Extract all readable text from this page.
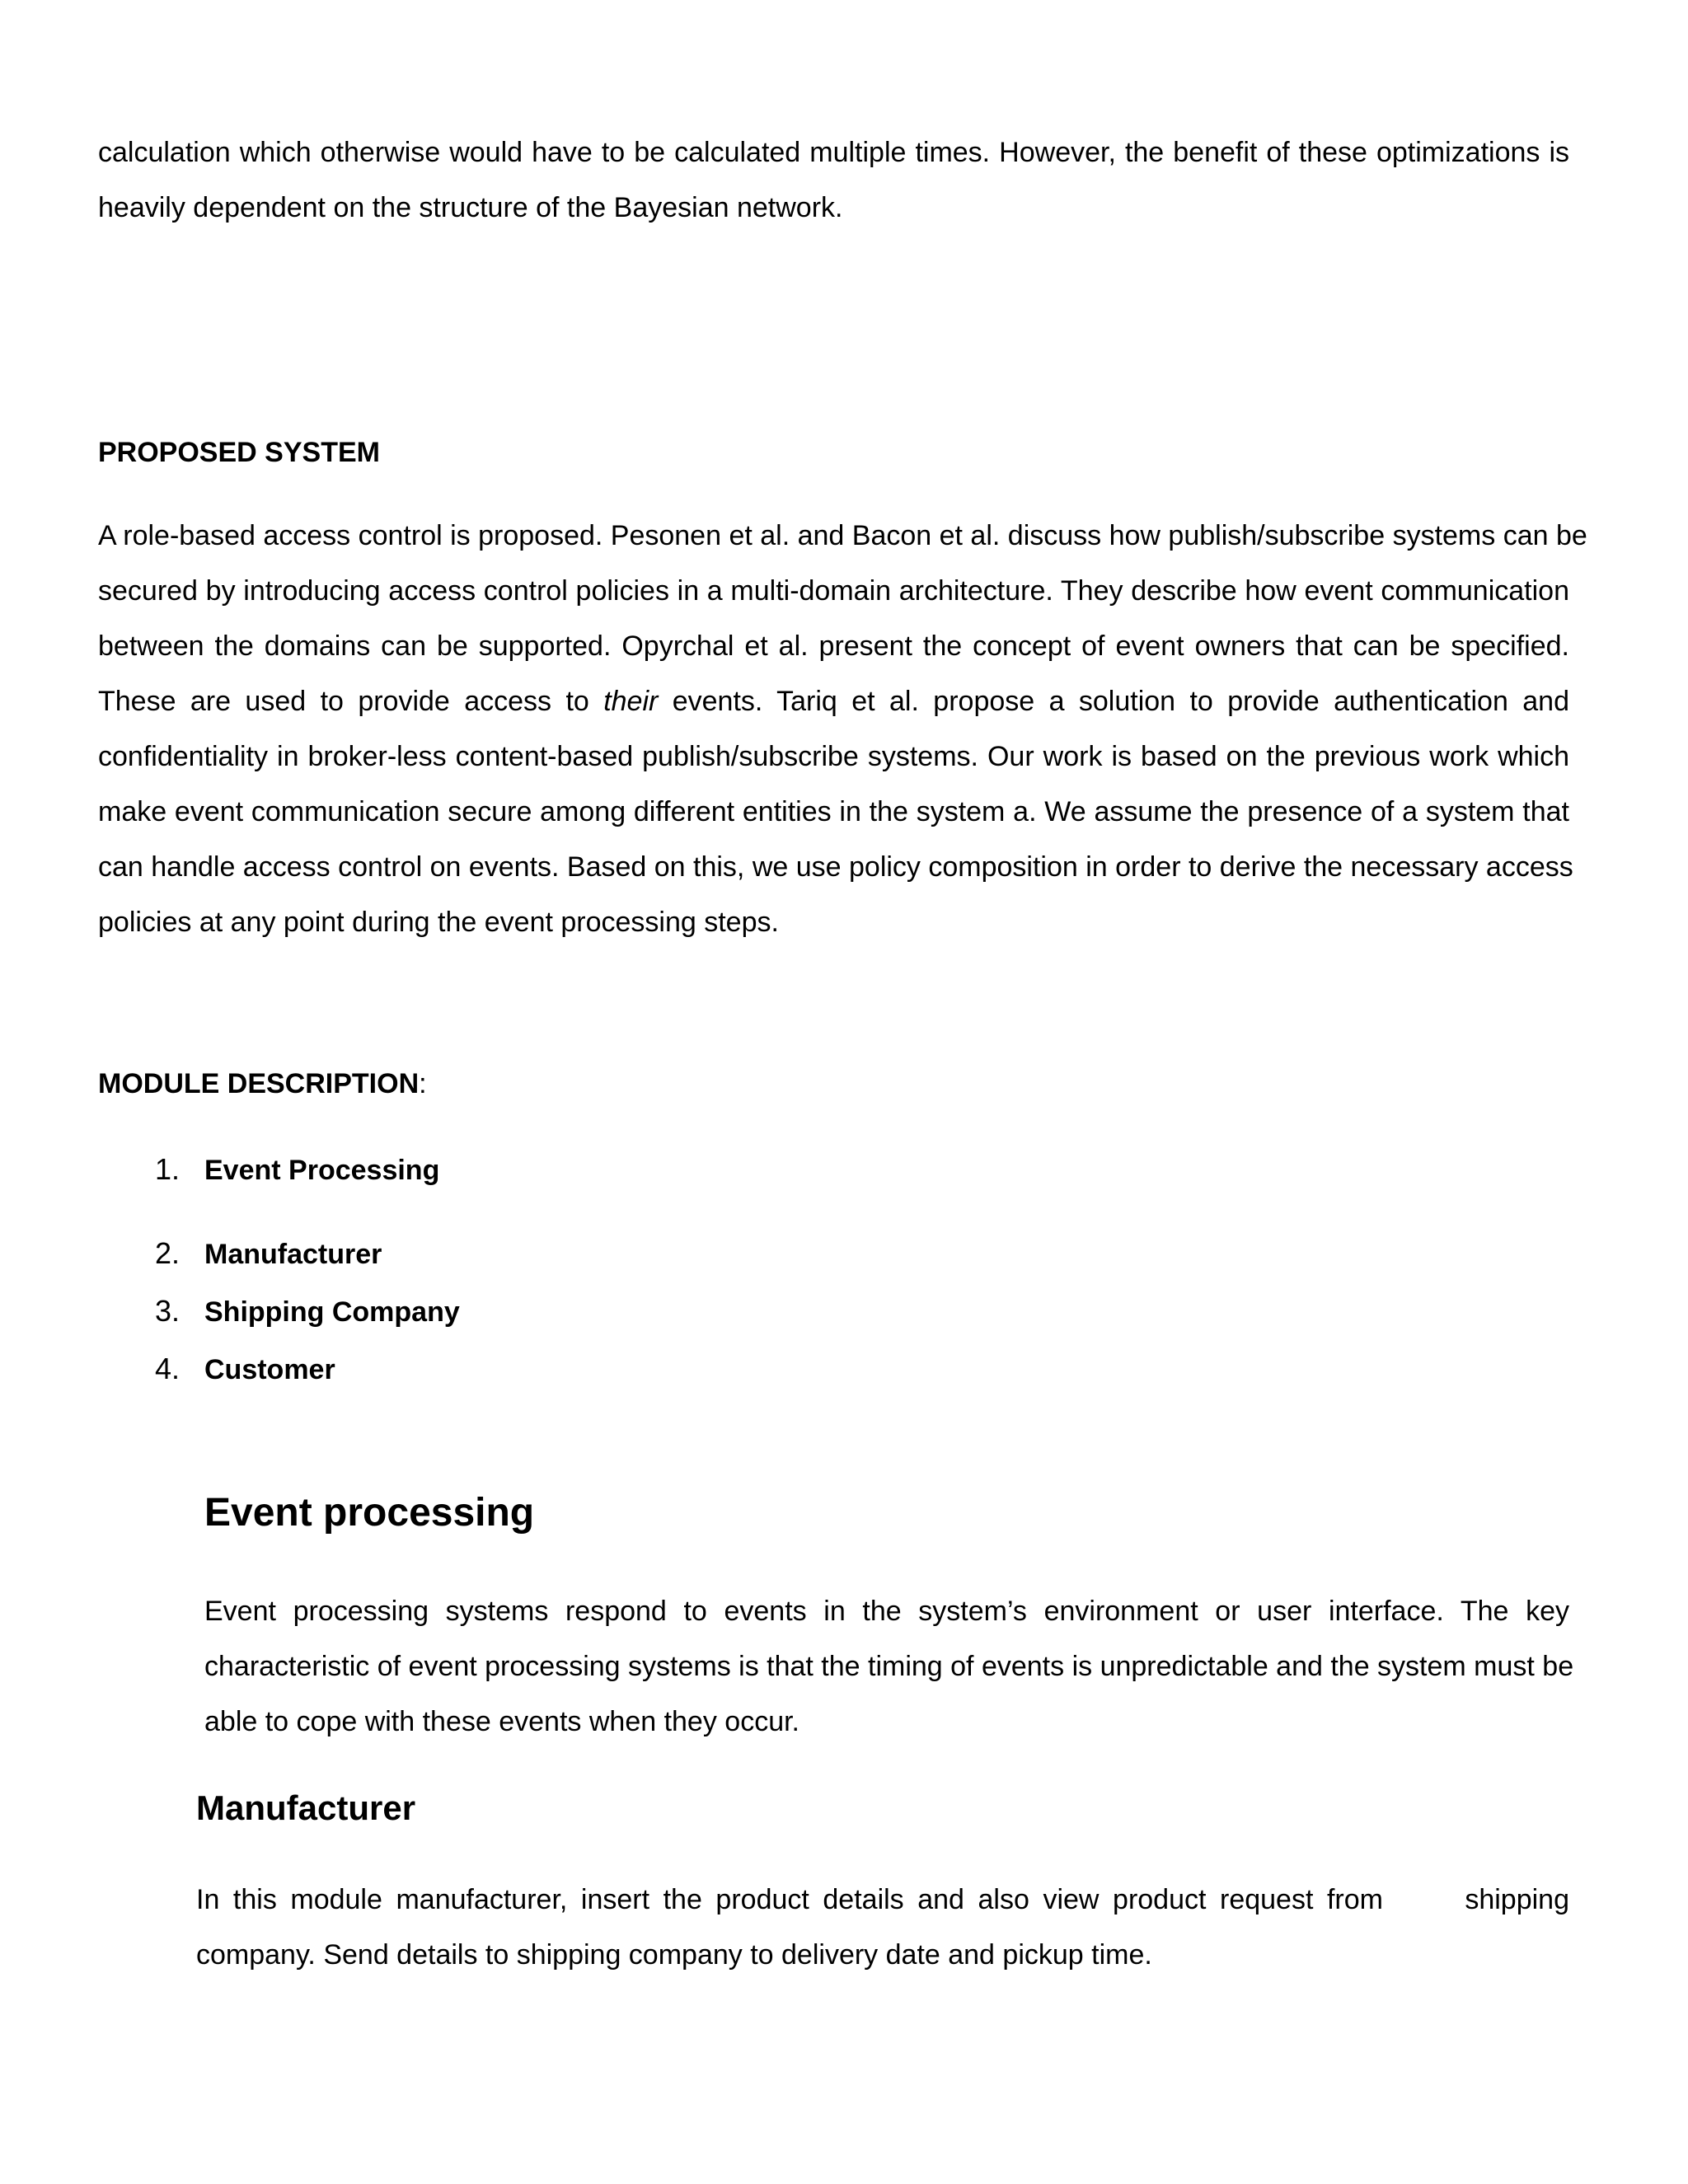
calculation which otherwise would have to be calculated multiple times. However, the benefit of these optimizations is
heavily dependent on the structure of the Bayesian network.
PROPOSED SYSTEM
A role-based access control is proposed. Pesonen et al. and Bacon et al. discuss how publish/subscribe systems can be
secured by introducing access control policies in a multi-domain architecture. They describe how event communication
between the domains can be supported. Opyrchal et al. present the concept of event owners that can be specified.
These are used to provide access to their events. Tariq et al. propose a solution to provide authentication and
confidentiality in broker-less content-based publish/subscribe systems. Our work is based on the previous work which
make event communication secure among different entities in the system a. We assume the presence of a system that
can handle access control on events. Based on this, we use policy composition in order to derive the necessary access
policies at any point during the event processing steps.
MODULE DESCRIPTION:
1. Event Processing
2. Manufacturer
3. Shipping Company
4. Customer
Event processing
Event processing systems respond to events in the system’s environment or user interface. The key
characteristic of event processing systems is that the timing of events is unpredictable and the system must be
able to cope with these events when they occur.
Manufacturer
In this module manufacturer, insert the product details and also view product request from      shipping
company. Send details to shipping company to delivery date and pickup time.
